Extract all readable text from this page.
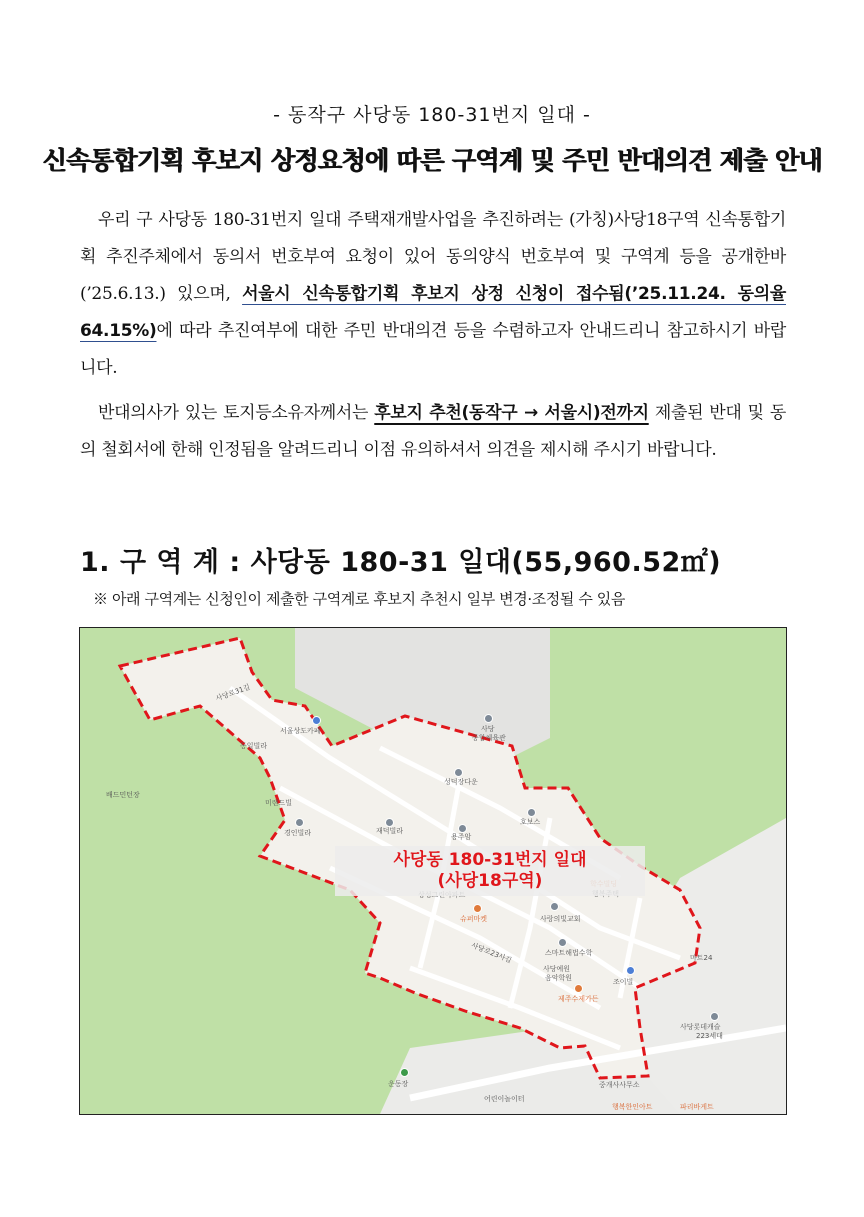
- 동작구 사당동 180-31번지 일대 -
신속통합기획 후보지 상정요청에 따른 구역계 및 주민 반대의견 제출 안내
우리 구 사당동 180-31번지 일대 주택재개발사업을 추진하려는 (가칭)사당18구역 신속통합기획 추진주체에서 동의서 번호부여 요청이 있어 동의양식 번호부여 및 구역계 등을 공개한바(’25.6.13.) 있으며, 서울시 신속통합기획 후보지 상정 신청이 접수됨(’25.11.24. 동의율 64.15%)에 따라 추진여부에 대한 주민 반대의견 등을 수렴하고자 안내드리니 참고하시기 바랍니다.
반대의사가 있는 토지등소유자께서는 후보지 추천(동작구 → 서울시)전까지 제출된 반대 및 동의 철회서에 한해 인정됨을 알려드리니 이점 유의하셔서 의견을 제시해 주시기 바랍니다.
1. 구 역 계 : 사당동 180-31 일대(55,960.52㎡)
※ 아래 구역계는 신청인이 제출한 구역계로 후보지 추천시 일부 변경·조정될 수 있음
사당로31길
서울상도카페
동일빌라
배드민턴장
미랜드빌
경인빌라	재덕빌라
용주암
사당
종합체육관
성덕장다운
호보스
슈퍼마켓	사랑의빛교회
스마트해법수학
사당예원
음악학원	조이빌
마트24
제주수제가든
사당롯데캐슬
223세대
운동장	중개사사무소
행복한인아트
어린이놀이터
파리바게트
사당로23사길
사당동 180-31번지 일대
(사당18구역)
